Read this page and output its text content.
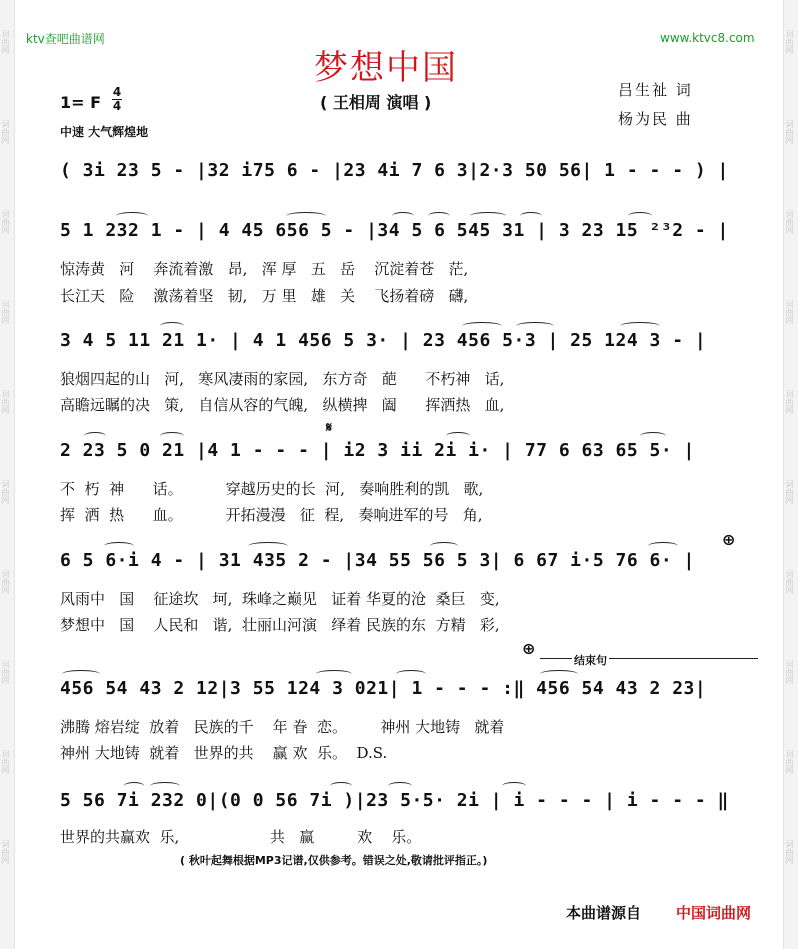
词曲网
词曲网
词曲网
词曲网
词曲网
词曲网
词曲网
词曲网
词曲网
词曲网
词曲网
词曲网
词曲网
词曲网
词曲网
词曲网
词曲网
词曲网
词曲网
词曲网
ktv查吧曲谱网	www.ktvc8.com
梦想中国
( 王相周 演唱 )
吕生祉 词
杨为民 曲
1= F
4
4
中速 大气辉煌地
( 3i 23 5 - |32 i75 6 - |23 4i 7 6 3|2·3 50 56| 1 - - - ) |
5 1 232 1 - | 4 45 656 5 - |34 5 6 545 31 | 3 23 15 ²³2 - |
惊涛黄   河    奔流着激   昂,   浑 厚   五   岳    沉淀着苍   茫,
长江天   险    激荡着坚   韧,   万 里   雄   关    飞扬着磅   礴,
3 4 5 11 21 1· | 4 1 456 5 3· | 23 456 5·3 | 25 124 3 - |
狼烟四起的山   河,   寒风凄雨的家园,   东方奇   葩      不朽神   话,
高瞻远瞩的决   策,   自信从容的气魄,   纵横捭   阖      挥洒热   血,
𝄋
2 23 5 0 21 |4 1 - - - | i2 3 ii 2i i· | 77 6 63 65 5· |
不  朽  神      话。         穿越历史的长  河,   奏响胜利的凯   歌,
挥  洒  热      血。         开拓漫漫   征  程,   奏响进军的号   角,
⊕
6 5 6·i 4 - | 31 435 2 - |34 55 56 5 3| 6 67 i·5 76 6· |
风雨中   国    征途坎   坷,  珠峰之巅见   证着 华夏的沧  桑巨   变,
梦想中   国    人民和   谐,  壮丽山河演   绎着 民族的东  方精   彩,
⊕
结束句
456 54 43 2 12|3 55 124 3 021| 1 - - - :‖ 456 54 43 2 23|
沸腾 熔岩绽  放着   民族的千    年 眷  恋。       神州 大地铸   就着
神州 大地铸  就着   世界的共    赢 欢  乐。  D.S.
5 56 7i 232 0|(0 0 56 7i )|23 5·5· 2i | i - - - | i - - - ‖
世界的共赢欢  乐,                   共   赢         欢    乐。
( 秋叶起舞根据MP3记谱,仅供参考。错误之处,敬请批评指正。)
本曲谱源自 中国词曲网
